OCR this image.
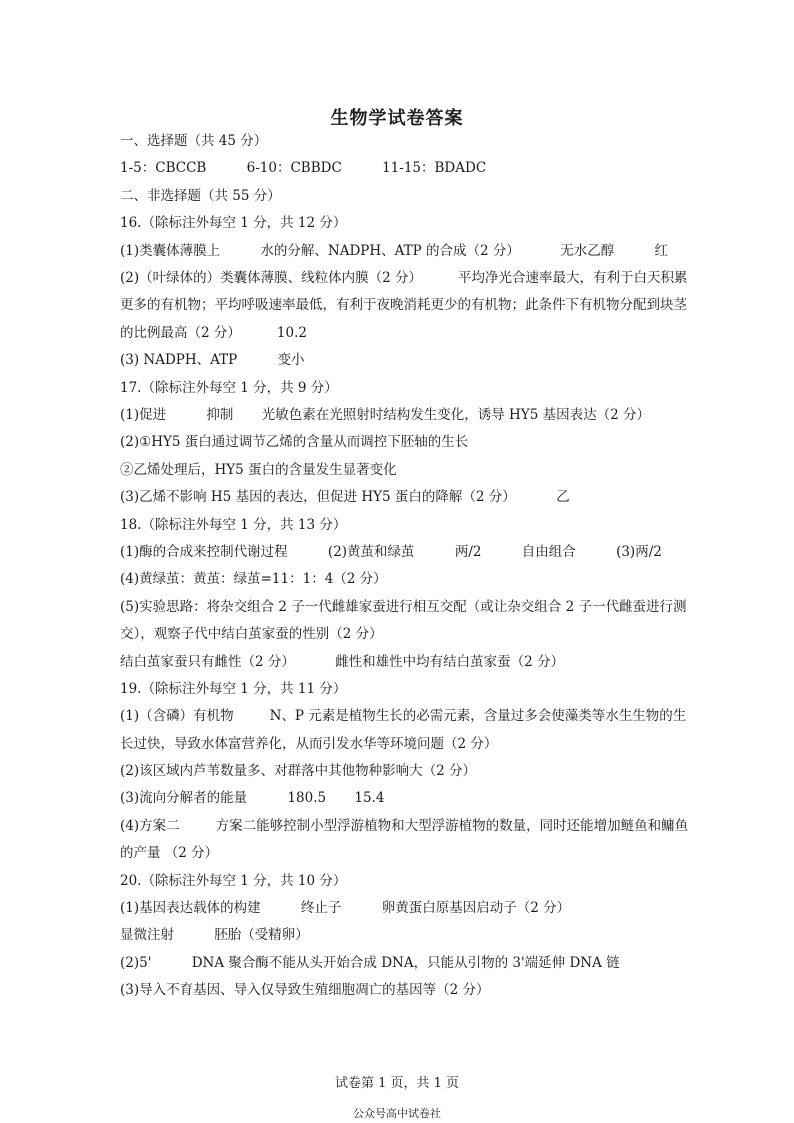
生物学试卷答案
一、选择题（共 45 分）
1-5：CBCCB	6-10：CBBDC	11-15：BDADC
二、非选择题（共 55 分）
16.（除标注外每空 1 分，共 12 分）
(1)类囊体薄膜上	水的分解、NADPH、ATP 的合成（2 分）	无水乙醇	红
(2)（叶绿体的）类囊体薄膜、线粒体内膜（2 分）	平均净光合速率最大，有利于白天积累更多的有机物；平均呼吸速率最低，有利于夜晚消耗更少的有机物；此条件下有机物分配到块茎的比例最高（2 分）	10.2
(3) NADPH、ATP	变小
17.（除标注外每空 1 分，共 9 分）
(1)促进	抑制 光敏色素在光照射时结构发生变化，诱导 HY5 基因表达（2 分）
(2)①HY5 蛋白通过调节乙烯的含量从而调控下胚轴的生长
②乙烯处理后，HY5 蛋白的含量发生显著变化
(3)乙烯不影响 H5 基因的表达，但促进 HY5 蛋白的降解（2 分）	乙
18.（除标注外每空 1 分，共 13 分）
(1)酶的合成来控制代谢过程	(2)黄茧和绿茧	两/2	自由组合	(3)两/2
(4)黄绿茧：黄茧：绿茧=11：1：4（2 分）
(5)实验思路：将杂交组合 2 子一代雌雄家蚕进行相互交配（或让杂交组合 2 子一代雌蚕进行测交），观察子代中结白茧家蚕的性别（2 分）
结白茧家蚕只有雌性（2 分）	雌性和雄性中均有结白茧家蚕（2 分）
19.（除标注外每空 1 分，共 11 分）
(1)（含磷）有机物	N、P 元素是植物生长的必需元素，含量过多会使藻类等水生生物的生长过快，导致水体富营养化，从而引发水华等环境问题（2 分）
(2)该区域内芦苇数量多、对群落中其他物种影响大（2 分）
(3)流向分解者的能量	180.5 15.4
(4)方案二	方案二能够控制小型浮游植物和大型浮游植物的数量，同时还能增加鲢鱼和鳙鱼的产量 （2 分）
20.（除标注外每空 1 分，共 10 分）
(1)基因表达载体的构建	终止子	卵黄蛋白原基因启动子（2 分）
显微注射	胚胎（受精卵）
(2)5'	DNA 聚合酶不能从头开始合成 DNA，只能从引物的 3'端延伸 DNA 链
(3)导入不育基因、导入仅导致生殖细胞凋亡的基因等（2 分）
试卷第 1 页，共 1 页
公众号高中试卷社
